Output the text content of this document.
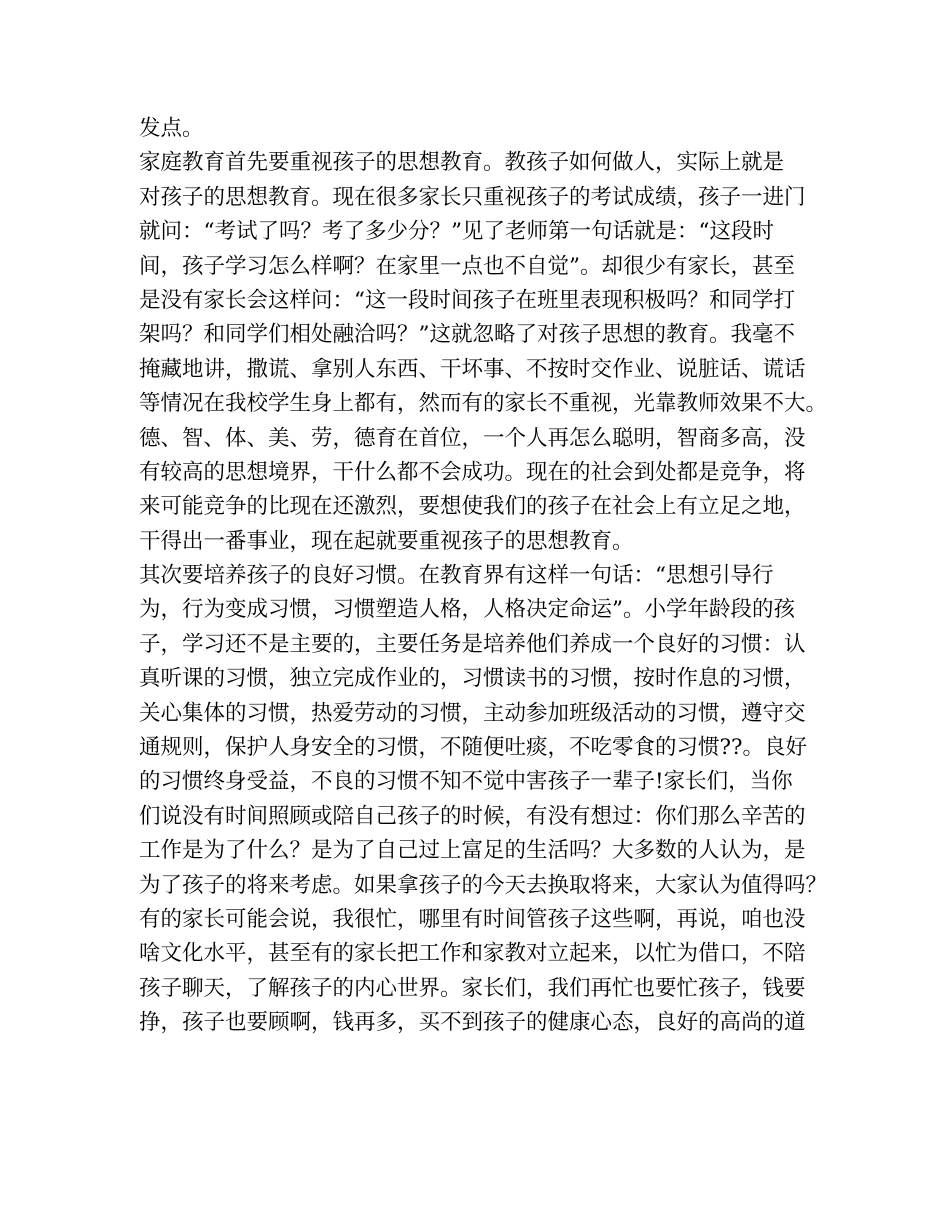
发点。
家庭教育首先要重视孩子的思想教育。教孩子如何做人，实际上就是
对孩子的思想教育。现在很多家长只重视孩子的考试成绩，孩子一进门
就问：“考试了吗？考了多少分？”见了老师第一句话就是：“这段时
间，孩子学习怎么样啊？在家里一点也不自觉”。却很少有家长，甚至
是没有家长会这样问：“这一段时间孩子在班里表现积极吗？和同学打
架吗？和同学们相处融洽吗？”这就忽略了对孩子思想的教育。我毫不
掩藏地讲，撒谎、拿别人东西、干坏事、不按时交作业、说脏话、谎话
等情况在我校学生身上都有，然而有的家长不重视，光靠教师效果不大。
德、智、体、美、劳，德育在首位，一个人再怎么聪明，智商多高，没
有较高的思想境界，干什么都不会成功。现在的社会到处都是竞争，将
来可能竞争的比现在还激烈，要想使我们的孩子在社会上有立足之地，
干得出一番事业，现在起就要重视孩子的思想教育。
其次要培养孩子的良好习惯。在教育界有这样一句话：“思想引导行
为，行为变成习惯，习惯塑造人格，人格决定命运”。小学年龄段的孩
子，学习还不是主要的，主要任务是培养他们养成一个良好的习惯：认
真听课的习惯，独立完成作业的，习惯读书的习惯，按时作息的习惯，
关心集体的习惯，热爱劳动的习惯，主动参加班级活动的习惯，遵守交
通规则，保护人身安全的习惯，不随便吐痰，不吃零食的习惯??。良好
的习惯终身受益，不良的习惯不知不觉中害孩子一辈子!家长们，当你
们说没有时间照顾或陪自己孩子的时候，有没有想过：你们那么辛苦的
工作是为了什么？是为了自己过上富足的生活吗？大多数的人认为，是
为了孩子的将来考虑。如果拿孩子的今天去换取将来，大家认为值得吗？
有的家长可能会说，我很忙，哪里有时间管孩子这些啊，再说，咱也没
啥文化水平，甚至有的家长把工作和家教对立起来，以忙为借口，不陪
孩子聊天，了解孩子的内心世界。家长们，我们再忙也要忙孩子，钱要
挣，孩子也要顾啊，钱再多，买不到孩子的健康心态，良好的高尚的道
